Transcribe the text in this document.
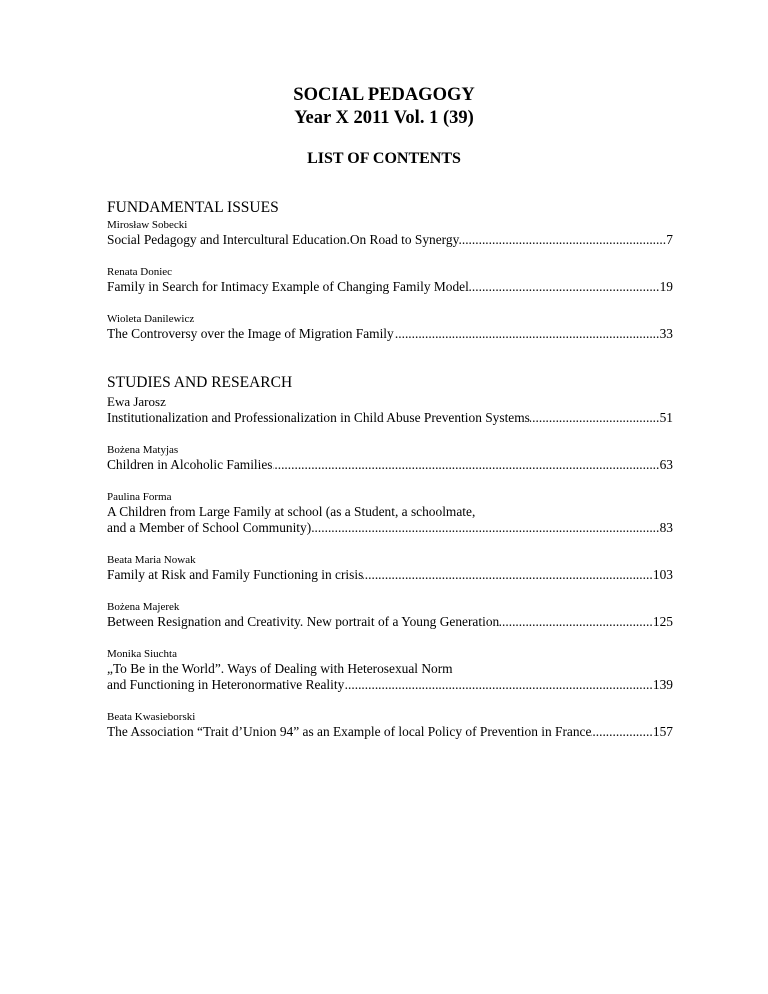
SOCIAL PEDAGOGY
Year X 2011 Vol. 1 (39)
LIST OF CONTENTS
FUNDAMENTAL ISSUES
Mirosław Sobecki
Social Pedagogy and Intercultural Education.On Road to Synergy	7
.....
Renata Doniec
Family in Search for Intimacy Example of Changing Family Model	19
.....
Wioleta Danilewicz
The Controversy over the Image of Migration Family	33
.....
STUDIES AND RESEARCH
Ewa Jarosz
Institutionalization and Professionalization in Child Abuse Prevention Systems	51
.....
Bożena Matyjas
Children in Alcoholic Families	63
.....
Paulina Forma
A Children from Large Family at school (as a Student, a schoolmate,
and a Member of School Community)	83
.....
Beata Maria Nowak
Family at Risk and Family Functioning in crisis	103
.....
Bożena Majerek
Between Resignation and Creativity. New portrait of a Young Generation	125
.....
Monika Siuchta
„To Be in the World”. Ways of Dealing with Heterosexual Norm
and Functioning in Heteronormative Reality	139
.....
Beata Kwasieborski
The Association “Trait d’Union 94” as an Example of local Policy of Prevention in France	157
.....
